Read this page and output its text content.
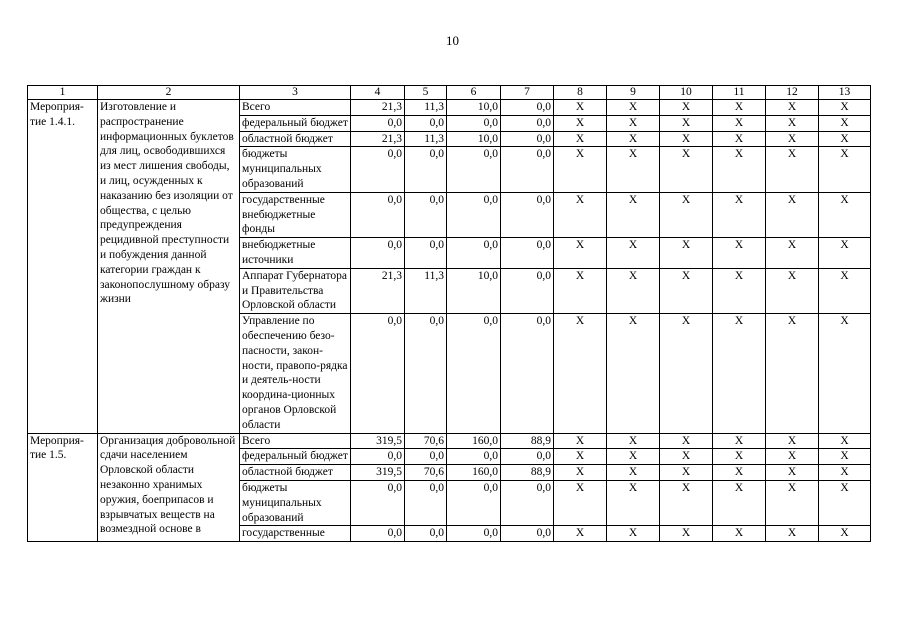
10
1	2	3	4	5	6	7	8	9	10	11	12	13
Мероприя-тие 1.4.1.	Изготовление и распространение информационных буклетов для лиц, освободившихся из мест лишения свободы, и лиц, осужденных к наказанию без изоляции от общества, с целью предупреждения рецидивной преступности и побуждения данной категории граждан к законопослушному образу жизни	Всего	21,3	11,3	10,0	0,0	X	X	X	X	X	X
		федеральный бюджет	0,0	0,0	0,0	0,0	X	X	X	X	X	X
		областной бюджет	21,3	11,3	10,0	0,0	X	X	X	X	X	X
		бюджеты муниципальных образований	0,0	0,0	0,0	0,0	X	X	X	X	X	X
		государственные внебюджетные фонды	0,0	0,0	0,0	0,0	X	X	X	X	X	X
		внебюджетные источники	0,0	0,0	0,0	0,0	X	X	X	X	X	X
		Аппарат Губернатора и Правительства Орловской области	21,3	11,3	10,0	0,0	X	X	X	X	X	X
		Управление по обеспечению безо-пасности, закон-ности, правопо-рядка и деятель-ности координа-ционных органов Орловской области	0,0	0,0	0,0	0,0	X	X	X	X	X	X
Мероприя-тие 1.5.	Организация добровольной сдачи населением Орловской области незаконно хранимых оружия, боеприпасов и взрывчатых веществ на возмездной основе в	Всего	319,5	70,6	160,0	88,9	X	X	X	X	X	X
		федеральный бюджет	0,0	0,0	0,0	0,0	X	X	X	X	X	X
		областной бюджет	319,5	70,6	160,0	88,9	X	X	X	X	X	X
		бюджеты муниципальных образований	0,0	0,0	0,0	0,0	X	X	X	X	X	X
		государственные	0,0	0,0	0,0	0,0	X	X	X	X	X	X
